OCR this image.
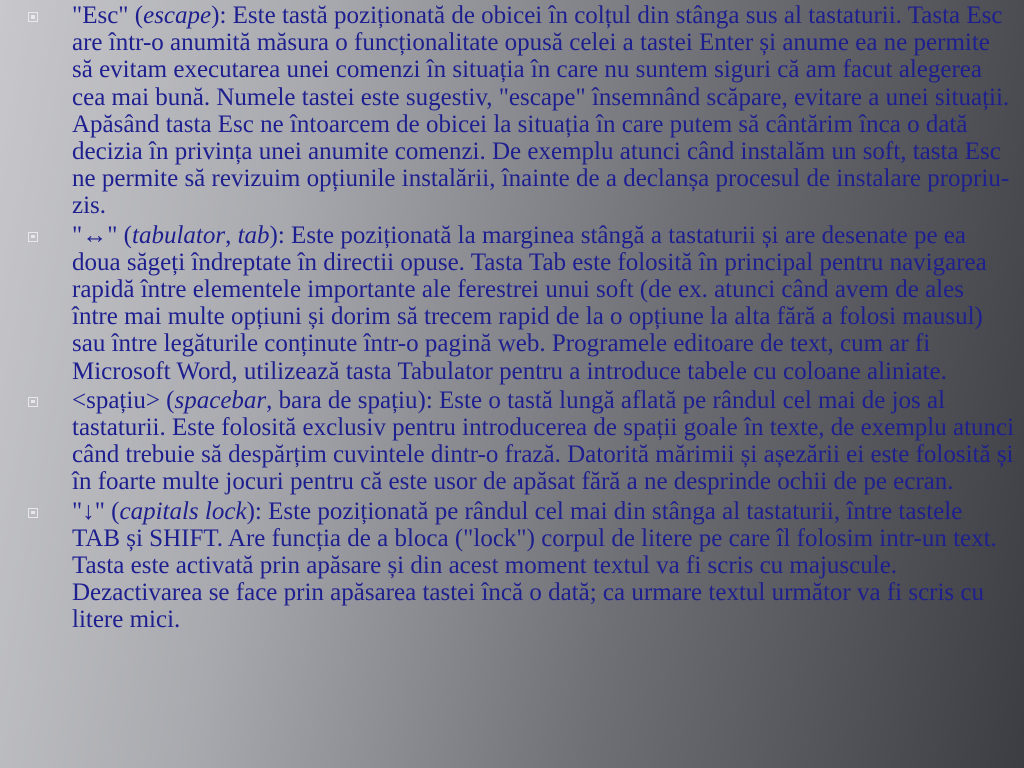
"Esc" (escape): Este tastă poziționată de obicei în colțul din stânga sus al tastaturii. Tasta Esc are într-o anumită măsura o funcționalitate opusă celei a tastei Enter și anume ea ne permite să evitam executarea unei comenzi în situația în care nu suntem siguri că am facut alegerea cea mai bună. Numele tastei este sugestiv, "escape" însemnând scăpare, evitare a unei situații. Apăsând tasta Esc ne întoarcem de obicei la situația în care putem să cântărim înca o dată decizia în privința unei anumite comenzi. De exemplu atunci când instalăm un soft, tasta Esc ne permite să revizuim opțiunile instalării, înainte de a declanșa procesul de instalare propriu-zis.
"↔" (tabulator, tab): Este poziționată la marginea stângă a tastaturii și are desenate pe ea doua săgeți îndreptate în directii opuse. Tasta Tab este folosită în principal pentru navigarea rapidă între elementele importante ale ferestrei unui soft (de ex. atunci când avem de ales între mai multe opțiuni și dorim să trecem rapid de la o opțiune la alta fără a folosi mausul) sau între legăturile conținute într-o pagină web. Programele editoare de text, cum ar fi Microsoft Word, utilizează tasta Tabulator pentru a introduce tabele cu coloane aliniate.
<spațiu> (spacebar, bara de spațiu): Este o tastă lungă aflată pe rândul cel mai de jos al tastaturii. Este folosită exclusiv pentru introducerea de spații goale în texte, de exemplu atunci când trebuie să despărțim cuvintele dintr-o frază. Datorită mărimii și așezării ei este folosită și în foarte multe jocuri pentru că este usor de apăsat fără a ne desprinde ochii de pe ecran.
"↓" (capitals lock): Este poziționată pe rândul cel mai din stânga al tastaturii, între tastele TAB și SHIFT. Are funcția de a bloca ("lock") corpul de litere pe care îl folosim intr-un text. Tasta este activată prin apăsare și din acest moment textul va fi scris cu majuscule. Dezactivarea se face prin apăsarea tastei încă o dată; ca urmare textul următor va fi scris cu litere mici.
